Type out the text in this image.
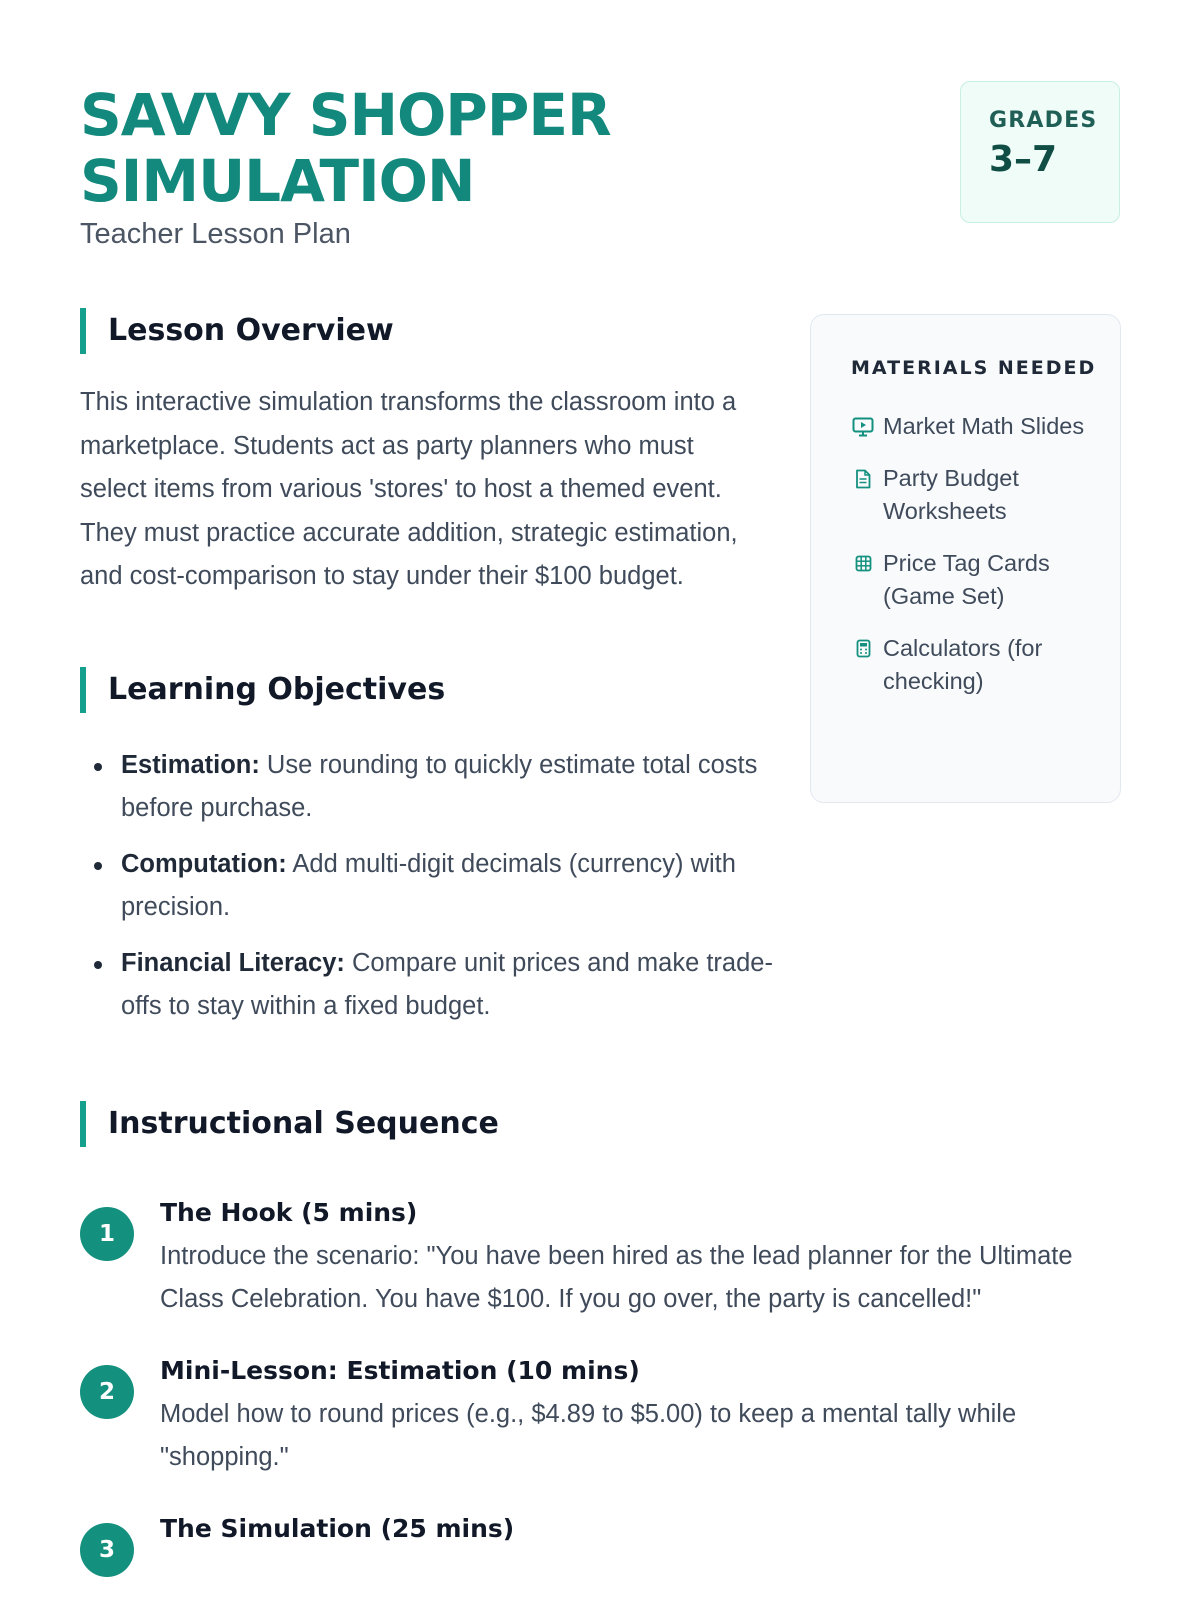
SAVVY SHOPPER
SIMULATION
Teacher Lesson Plan
GRADES
3–7
Lesson Overview

This interactive simulation transforms the classroom into a marketplace. Students act as party planners who must select items from various 'stores' to host a themed event. They must practice accurate addition, strategic estimation, and cost-comparison to stay under their $100 budget.

Learning Objectives
Estimation: Use rounding to quickly estimate total costs before purchase.
Computation: Add multi-digit decimals (currency) with precision.
Financial Literacy: Compare unit prices and make trade-offs to stay within a fixed budget.
MATERIALS NEEDED
Market Math Slides
Party Budget Worksheets
Price Tag Cards (Game Set)
Calculators (for checking)
Instructional Sequence
1
The Hook (5 mins)
Introduce the scenario: "You have been hired as the lead planner for the Ultimate Class Celebration. You have $100. If you go over, the party is cancelled!"
2
Mini-Lesson: Estimation (10 mins)
Model how to round prices (e.g., $4.89 to $5.00) to keep a mental tally while "shopping."
3
The Simulation (25 mins)
